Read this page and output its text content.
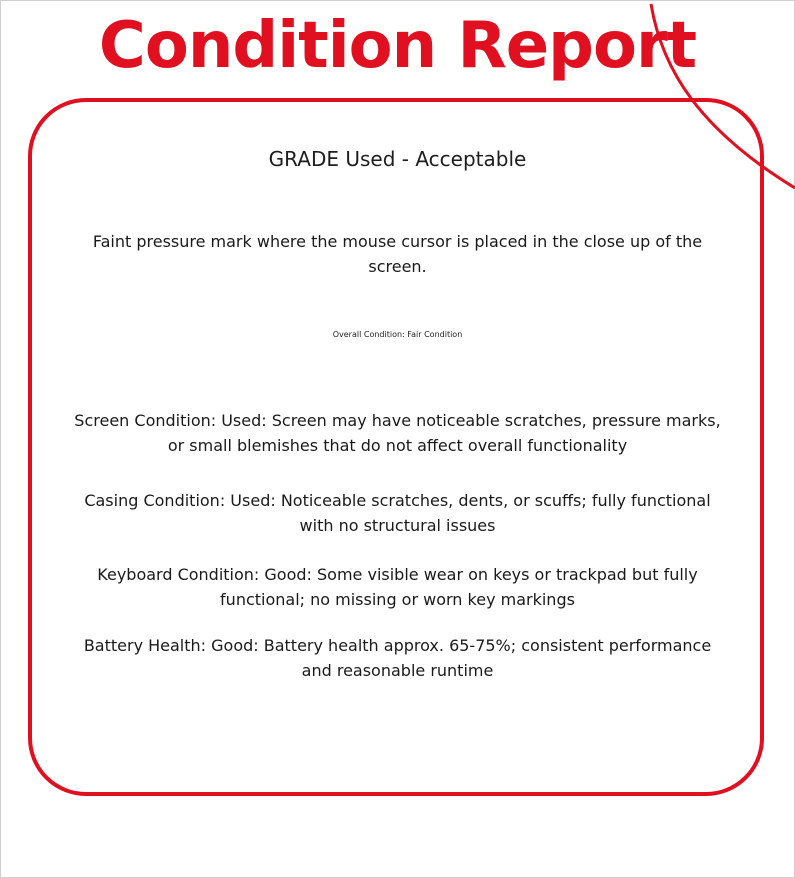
Condition Report

GRADE Used - Acceptable

Faint pressure mark where the mouse cursor is placed in the close up of the screen.

Overall Condition: Fair Condition

Screen Condition: Used: Screen may have noticeable scratches, pressure marks, or small blemishes that do not affect overall functionality

Casing Condition: Used: Noticeable scratches, dents, or scuffs; fully functional with no structural issues

Keyboard Condition: Good: Some visible wear on keys or trackpad but fully functional; no missing or worn key markings

Battery Health: Good: Battery health approx. 65-75%; consistent performance and reasonable runtime
